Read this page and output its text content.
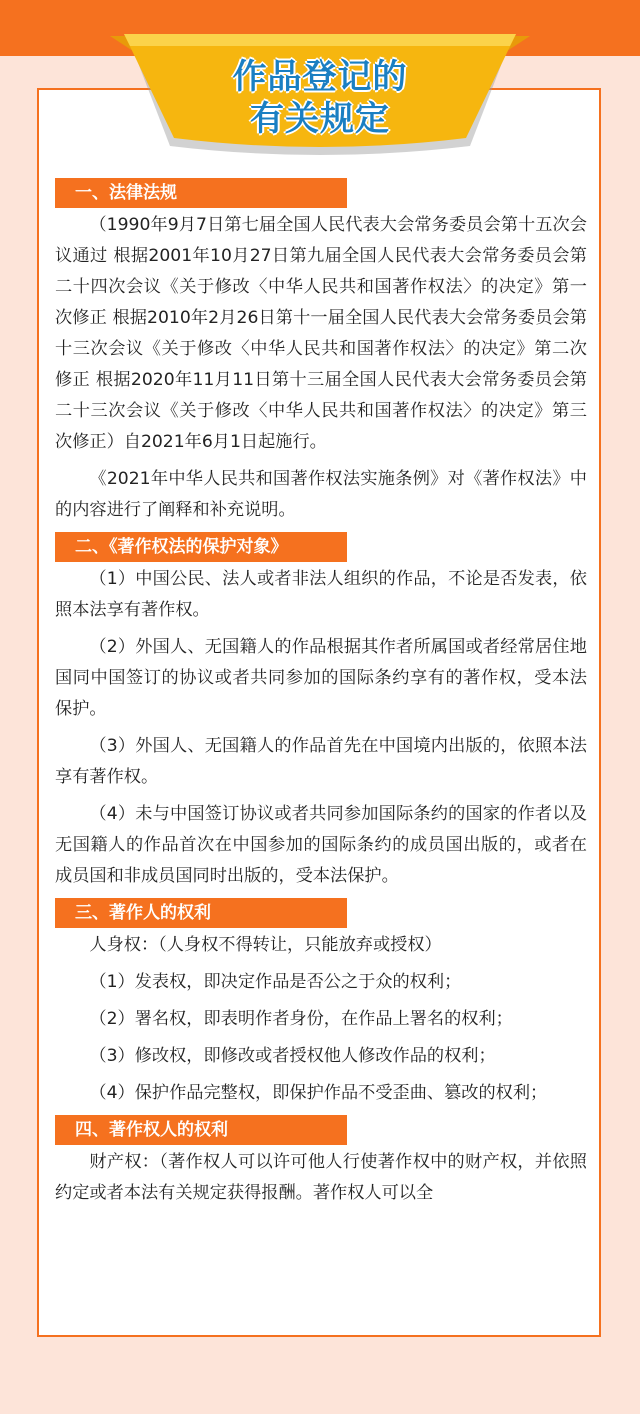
作品登记的
有关规定
一、法律法规

（1990年9月7日第七届全国人民代表大会常务委员会第十五次会议通过 根据2001年10月27日第九届全国人民代表大会常务委员会第二十四次会议《关于修改〈中华人民共和国著作权法〉的决定》第一次修正 根据2010年2月26日第十一届全国人民代表大会常务委员会第十三次会议《关于修改〈中华人民共和国著作权法〉的决定》第二次修正 根据2020年11月11日第十三届全国人民代表大会常务委员会第二十三次会议《关于修改〈中华人民共和国著作权法〉的决定》第三次修正）自2021年6月1日起施行。

《2021年中华人民共和国著作权法实施条例》对《著作权法》中的内容进行了阐释和补充说明。

二、《著作权法的保护对象》

（1）中国公民、法人或者非法人组织的作品，不论是否发表，依照本法享有著作权。

（2）外国人、无国籍人的作品根据其作者所属国或者经常居住地国同中国签订的协议或者共同参加的国际条约享有的著作权，受本法保护。

（3）外国人、无国籍人的作品首先在中国境内出版的，依照本法享有著作权。

（4）未与中国签订协议或者共同参加国际条约的国家的作者以及无国籍人的作品首次在中国参加的国际条约的成员国出版的，或者在成员国和非成员国同时出版的，受本法保护。

三、著作人的权利

人身权：（人身权不得转让，只能放弃或授权）

（1）发表权，即决定作品是否公之于众的权利；

（2）署名权，即表明作者身份，在作品上署名的权利；

（3）修改权，即修改或者授权他人修改作品的权利；

（4）保护作品完整权，即保护作品不受歪曲、篡改的权利；

四、著作权人的权利

财产权：（著作权人可以许可他人行使著作权中的财产权，并依照约定或者本法有关规定获得报酬。著作权人可以全
